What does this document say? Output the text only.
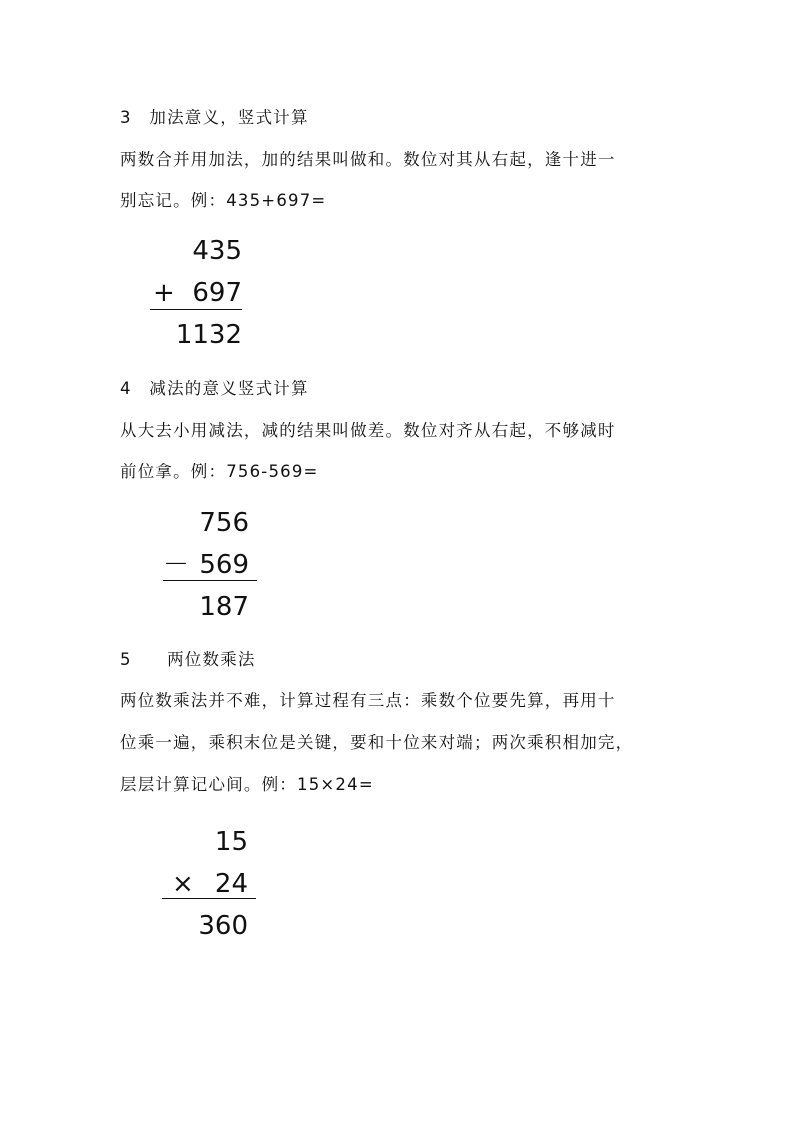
3　加法意义，竖式计算
两数合并用加法，加的结果叫做和。数位对其从右起，逢十进一
别忘记。例：435+697=
435
+ 697
1132
4　减法的意义竖式计算
从大去小用减法，减的结果叫做差。数位对齐从右起，不够减时
前位拿。例：756-569=
756
－ 569
187
5　　两位数乘法
两位数乘法并不难，计算过程有三点：乘数个位要先算，再用十
位乘一遍，乘积末位是关键，要和十位来对端；两次乘积相加完，
层层计算记心间。例：15×24=
15
× 24
360
